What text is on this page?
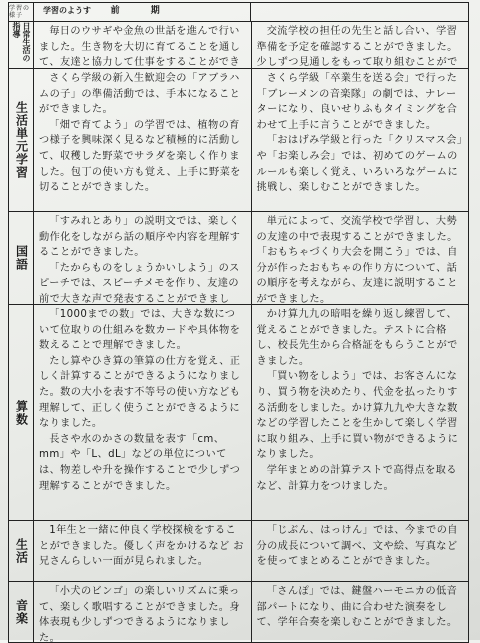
学習の様子
学習のようす 前 期
日常生活の指導	毎日のウサギや金魚の世話を進んで行いました。生き物を大切に育てることを通して、友達と協力して仕事をすることができ

交流学校の担任の先生と話し合い、学習準備を予定を確認することができました。少しずつ見通しをもって取り組むことがで

生活単元学習

さくら学級の新入生歓迎会の「アブラハムの子」の準備活動では、手本になることができました。

「畑で育てよう」の学習では、植物の育つ様子を興味深く見るなど積極的に活動して、収穫した野菜でサラダを楽しく作りました。包丁の使い方も覚え、上手に野菜を切ることができました。

さくら学級「卒業生を送る会」で行った「ブレーメンの音楽隊」の劇では、ナレーターになり、良いせりふもタイミングを合わせて上手に言うことができました。

「おはげみ学級と行った「クリスマス会」や「お楽しみ会」では、初めてのゲームのルールも楽しく覚え、いろいろなゲームに挑戦し、楽しむことができました。

国語

「すみれとあり」の説明文では、楽しく動作化をしながら話の順序や内容を理解することができました。

「たからものをしょうかいしよう」のスピーチでは、スピーチメモを作り、友達の前で大きな声で発表することができまし

単元によって、交流学校で学習し、大勢の友達の中で表現することができました。「おもちゃづくり大会を開こう」では、自分が作ったおもちゃの作り方について、話の順序を考えながら、友達に説明することができました。

算数

「1000までの数」では、大きな数について位取りの仕組みを数カードや具体物を数えることで理解できました。

たし算やひき算の筆算の仕方を覚え、正しく計算することができるようになりました。数の大小を表す不等号の使い方なども理解して、正しく使うことができるようになりました。

長さや水のかさの数量を表す「cm、mm」や「L、dL」などの単位については、物差しや升を操作することで少しずつ理解することができました。

かけ算九九の暗唱を繰り返し練習して、覚えることができました。テストに合格し、校長先生から合格証をもらうことができました。

「買い物をしよう」では、お客さんになり、買う物を決めたり、代金を払ったりする活動をしました。かけ算九九や大きな数などの学習したことを生かして楽しく学習に取り組み、上手に買い物ができるようになりました。

学年まとめの計算テストで高得点を取るなど、計算力をつけました。

生活

1年生と一緒に仲良く学校探検をすることができました。優しく声をかけるなど お兄さんらしい一面が見られました。

「じぶん、はっけん」では、今までの自分の成長について調べ、文や絵、写真などを使ってまとめることができました。

音楽

「小犬のビンゴ」の楽しいリズムに乗って、楽しく歌唱することができました。身体表現も少しずつできるようになりました。

「さんぽ」では、鍵盤ハーモニカの低音部パートになり、曲に合わせた演奏をして、学年合奏を楽しむことができました。
